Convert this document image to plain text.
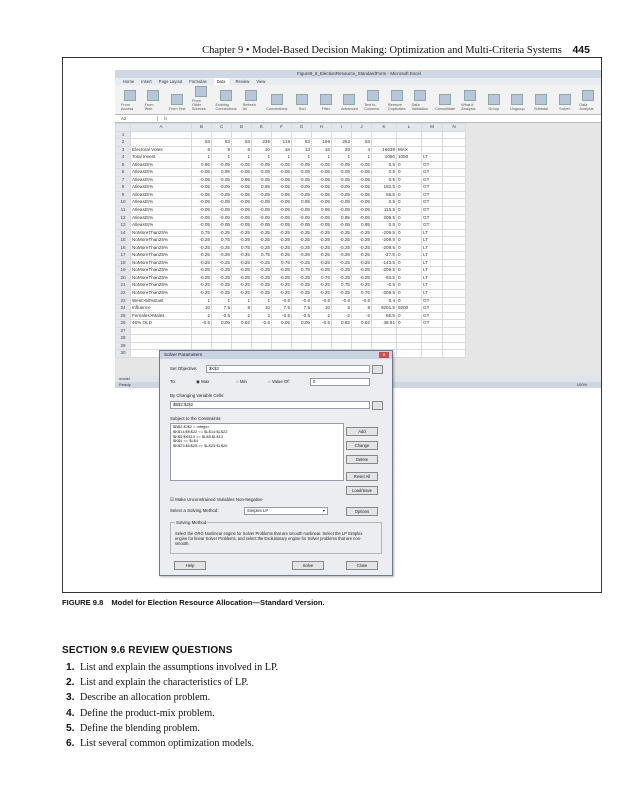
Chapter 9 • Model-Based Decision Making: Optimization and Multi-Criteria Systems 445
Figure9_8_ElectionResource_StandardForm - Microsoft Excel
Home Insert Page Layout Formulas	Data	Review View
From Access
From Web	From Text
From Other Sources
Existing Connections
Refresh All	Connections	Sort	Filter	Advanced
Text to Columns
Remove Duplicates
Data Validation	Consolidate
What-If Analysis	Group	Ungroup Subtotal	Solver
Data Analysis
A2	fx
	A	B	C	D	E	F	G	H	I	J	K	L	M	N
1														
2		53	53	53	235	119	53	169	262	53				
3	Electoral Votes	6	9	6	10	18	13	15	29	4	16639	MAX		
4	Total Invest	1	1	1	1	1	1	1	1	1	1050	1050	LT	
5	AtleastS%	0.95	-0.05	-0.05	-0.05	-0.05	-0.05	-0.05	-0.05	-0.05	0.5	0	GT	
6	AtleastS%	-0.05	0.95	-0.05	-0.05	-0.05	-0.05	-0.05	-0.05	-0.05	0.5	0	GT	
7	AtleastS%	-0.05	-0.05	0.95	-0.05	-0.05	-0.05	-0.05	-0.05	-0.05	0.5	0	GT	
8	AtleastS%	-0.05	-0.05	-0.05	0.95	-0.05	-0.05	-0.05	-0.05	-0.05	182.5	0	GT	
9	AtleastS%	-0.05	-0.05	-0.05	-0.05	0.95	-0.05	-0.05	-0.05	-0.05	66.5	0	GT	
10	AtleastS%	-0.05	-0.05	-0.05	-0.05	-0.05	0.95	-0.05	-0.05	-0.05	0.5	0	GT	
11	AtleastS%	-0.05	-0.05	-0.05	-0.05	-0.05	-0.05	0.95	-0.05	-0.05	116.5	0	GT	
12	AtleastS%	-0.05	-0.05	-0.05	-0.05	-0.05	-0.05	-0.05	0.95	-0.05	209.5	0	GT	
13	AtleastS%	-0.05	-0.05	-0.05	-0.05	-0.05	-0.05	-0.05	-0.05	0.95	0.5	0	GT	
14	NoMoreThan25%	0.75	-0.25	-0.25	-0.25	-0.25	-0.25	-0.25	-0.25	-0.25	-209.5	0	LT	
15	NoMoreThan25%	-0.25	0.75	-0.25	-0.25	-0.25	-0.25	-0.25	-0.25	-0.25	-209.5	0	LT	
16	NoMoreThan25%	-0.25	-0.25	0.75	-0.25	-0.25	-0.25	-0.25	-0.25	-0.25	-209.5	0	LT	
17	NoMoreThan25%	-0.25	-0.25	-0.25	0.75	-0.25	-0.25	-0.25	-0.25	-0.25	-27.5	0	LT	
18	NoMoreThan25%	-0.25	-0.25	-0.25	-0.25	0.75	-0.25	-0.25	-0.25	-0.25	-143.5	0	LT	
19	NoMoreThan25%	-0.25	-0.25	-0.25	-0.25	-0.25	0.75	-0.25	-0.25	-0.25	-209.5	0	LT	
20	NoMoreThan25%	-0.25	-0.25	-0.25	-0.25	-0.25	-0.25	0.75	-0.25	-0.25	-93.5	0	LT	
21	NoMoreThan25%	-0.25	-0.25	-0.25	-0.25	-0.25	-0.25	-0.25	0.75	-0.25	-0.5	0	LT	
22	NoMoreThan25%	-0.25	-0.25	-0.25	-0.25	-0.25	-0.25	-0.25	-0.25	0.75	-209.5	0	LT	
23	West>50%East	1	1	1	1	-0.6	-0.6	-0.6	-0.6	-0.6	0.4	0	GT	
24	Influence	10	7.5	8	10	7.5	7.5	10	8	8	9201.5	9200	GT	
25	Females>Males	2	-0.5	2	2	-0.5	-0.5	2	-2	-2	65.5	0	GT	
26	46% OLD	-0.6	0.05	0.82	-0.6	0.05	0.05	-0.6	0.82	0.82	38.81	0	GT	
27														
28														
29														
30														
model
Ready	100%
Solver Parameters	✕
Set Objective:	$K$3
To:	◉ Max	○ Min	○ Value Of:	0
By Changing Variable Cells:
$B$2:$J$2
Subject to the Constraints:
$B$2:$J$2 = integer
$K$14:$K$22 <= $L$14:$L$22
$K$5:$K$13 >= $L$5:$L$13
$K$4 <= $L$4
$K$23:$K$26 >= $L$23:$L$26
Add
Change
Delete
Reset All
Load/Save
☑ Make Unconstrained Variables Non-Negative
Select a Solving Method:	Simplex LP	▾	Options
Solving Method
Select the GRG Nonlinear engine for Solver Problems that are smooth nonlinear. Select the LP Simplex engine for linear Solver Problems, and select the Evolutionary engine for Solver problems that are non-smooth.
Help	Solve	Close
FIGURE 9.8 Model for Election Resource Allocation—Standard Version.
SECTION 9.6 REVIEW QUESTIONS
1. List and explain the assumptions involved in LP.
2. List and explain the characteristics of LP.
3. Describe an allocation problem.
4. Define the product-mix problem.
5. Define the blending problem.
6. List several common optimization models.
